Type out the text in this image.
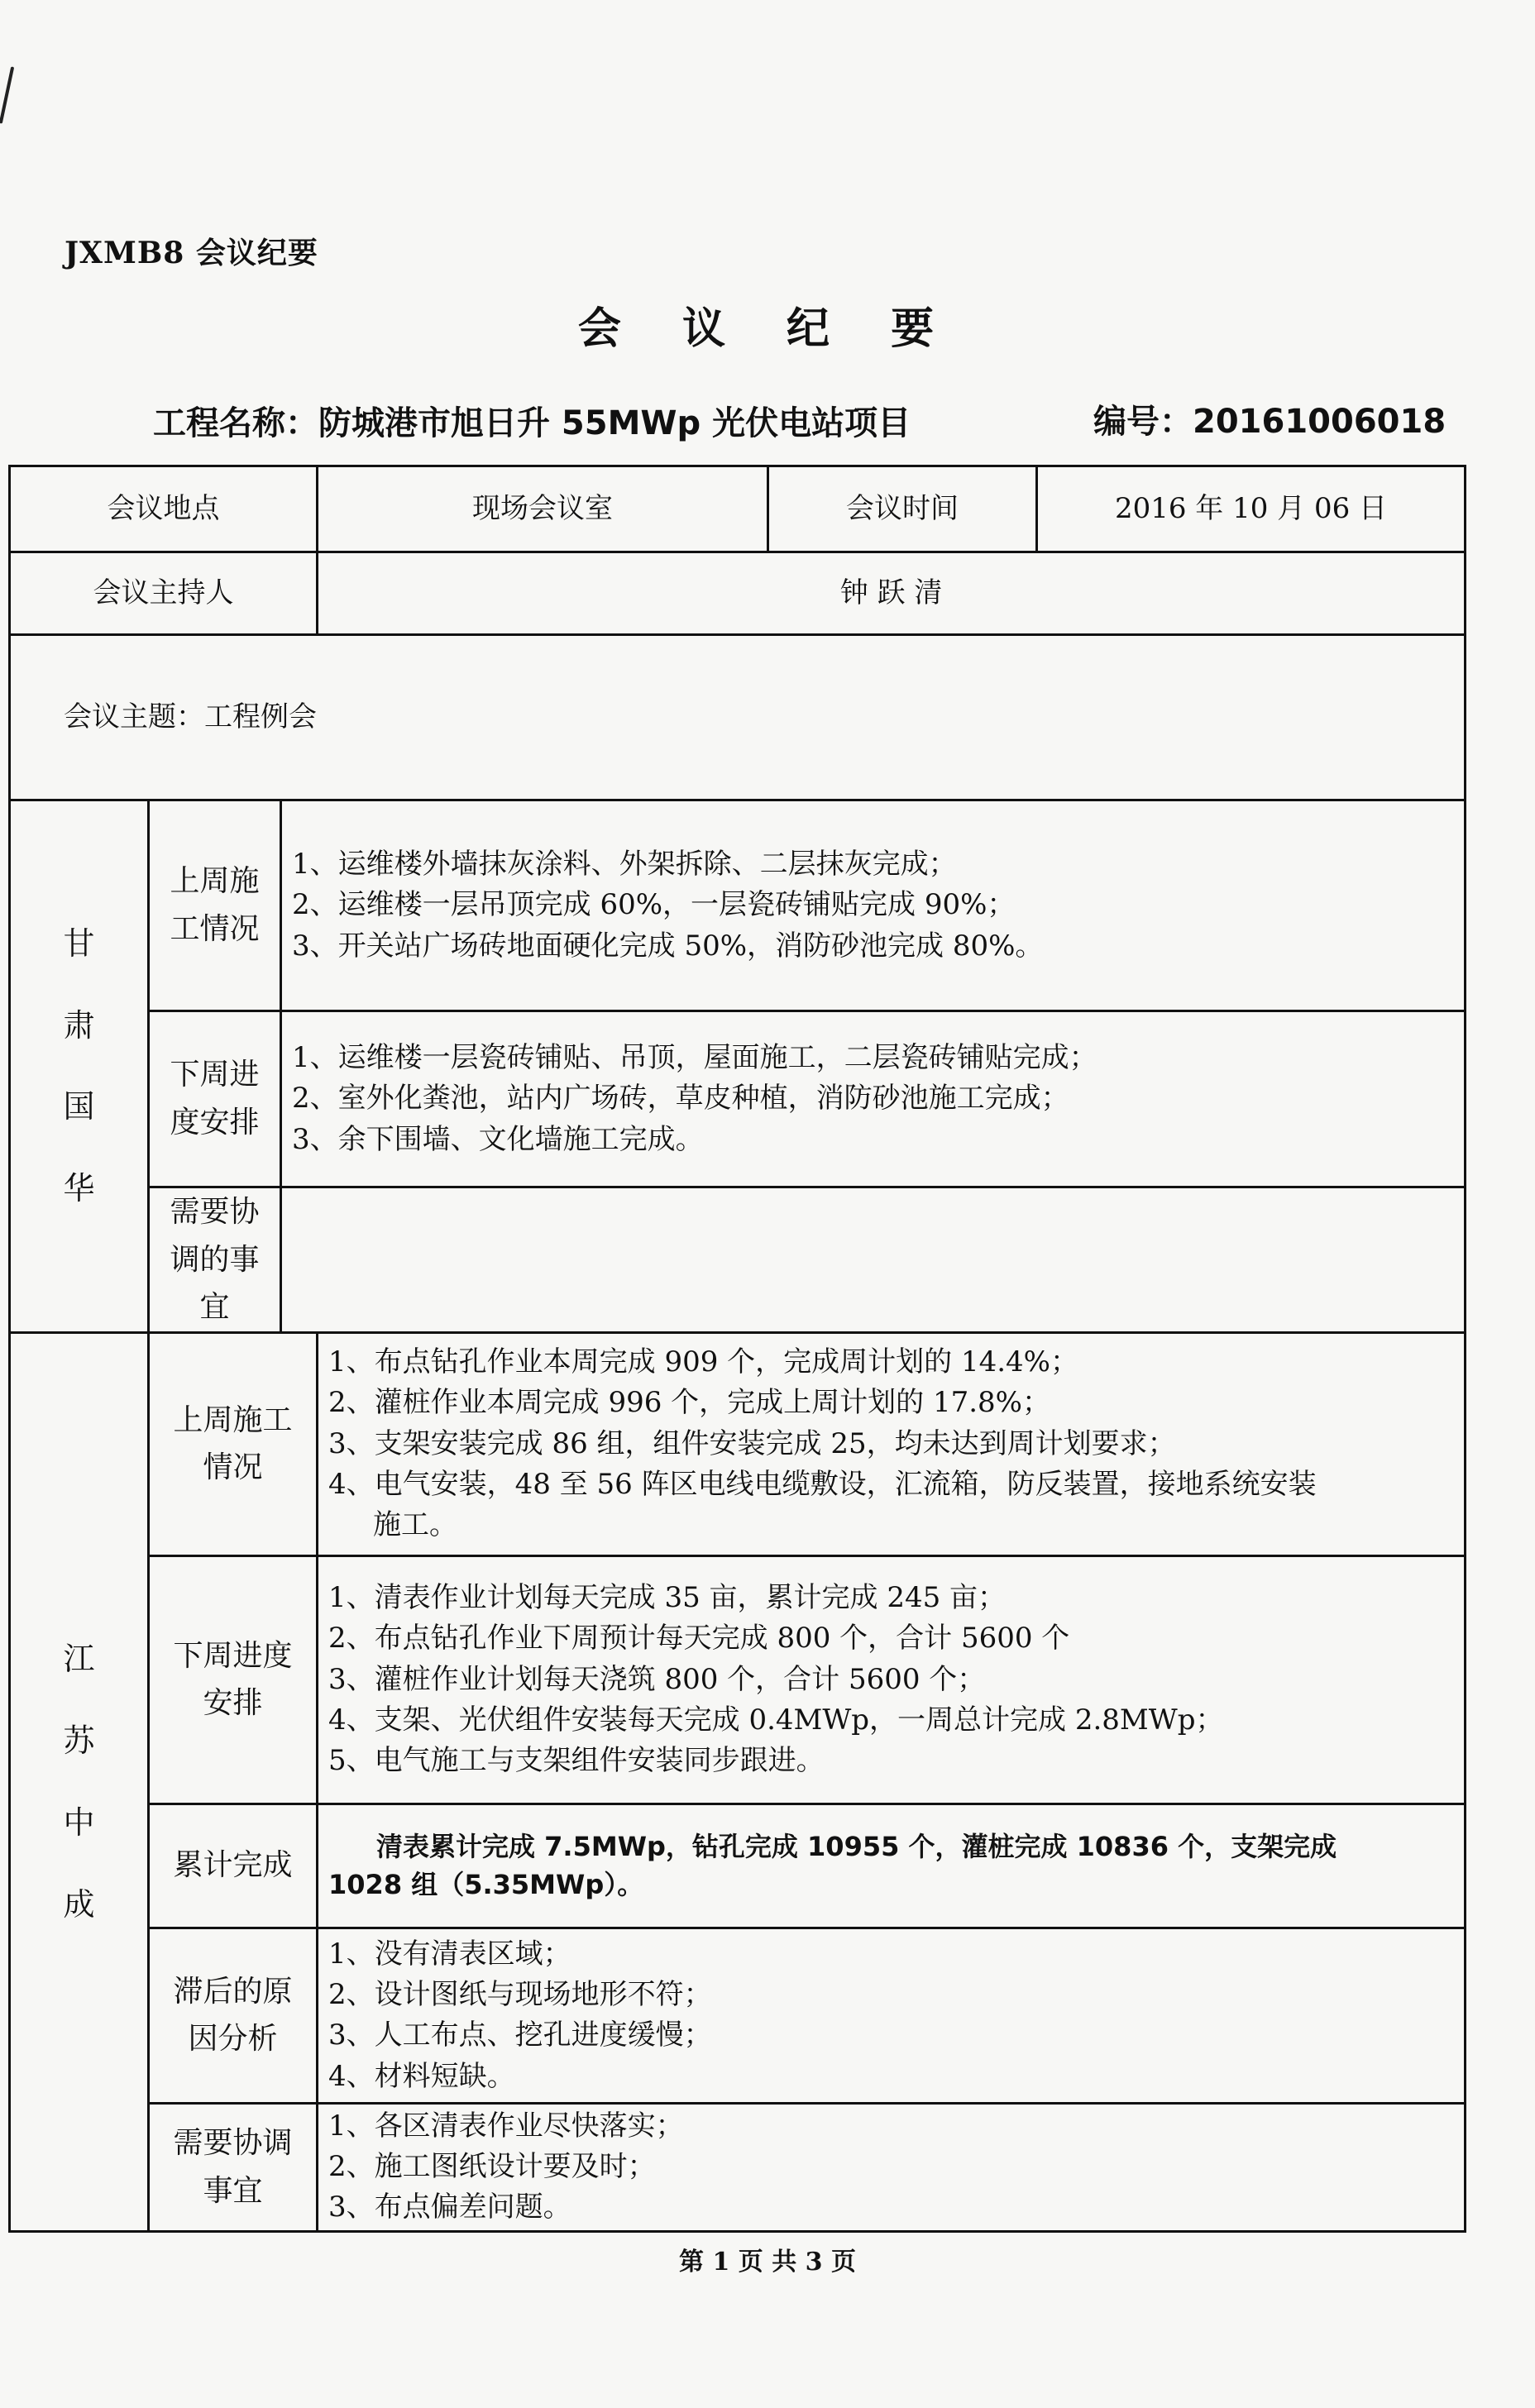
JXMB8 会议纪要
会 议 纪 要
工程名称：防城港市旭日升 55MWp 光伏电站项目	编号：20161006018
会议地点			现场会议室	会议时间	2016 年 10 月 06 日
会议主持人			钟 跃 清		
会议主题：工程例会					

甘
肃
国
华	上周施工情况	1、运维楼外墙抹灰涂料、外架拆除、二层抹灰完成；
2、运维楼一层吊顶完成 60%，一层瓷砖铺贴完成 90%；
3、开关站广场砖地面硬化完成 50%，消防砂池完成 80%。			

	下周进度安排	1、运维楼一层瓷砖铺贴、吊顶，屋面施工，二层瓷砖铺贴完成；
2、室外化粪池，站内广场砖，草皮种植，消防砂池施工完成；
3、余下围墙、文化墙施工完成。			

	需要协调的事宜				

江
苏
中
成	上周施工情况		1、布点钻孔作业本周完成 909 个，完成周计划的 14.4%；
2、灌桩作业本周完成 996 个，完成上周计划的 17.8%；
3、支架安装完成 86 组，组件安装完成 25，均未达到周计划要求；
4、电气安装，48 至 56 阵区电线电缆敷设，汇流箱，防反装置，接地系统安装
施工。		

	下周进度安排		1、清表作业计划每天完成 35 亩，累计完成 245 亩；
2、布点钻孔作业下周预计每天完成 800 个，合计 5600 个
3、灌桩作业计划每天浇筑 800 个，合计 5600 个；
4、支架、光伏组件安装每天完成 0.4MWp，一周总计完成 2.8MWp；
5、电气施工与支架组件安装同步跟进。		

	累计完成		清表累计完成 7.5MWp，钻孔完成 10955 个，灌桩完成 10836 个，支架完成
1028 组（5.35MWp）。		

	滞后的原因分析		1、没有清表区域；
2、设计图纸与现场地形不符；
3、人工布点、挖孔进度缓慢；
4、材料短缺。		

	需要协调事宜		1、各区清表作业尽快落实；
2、施工图纸设计要及时；
3、布点偏差问题。		
第 1 页 共 3 页
